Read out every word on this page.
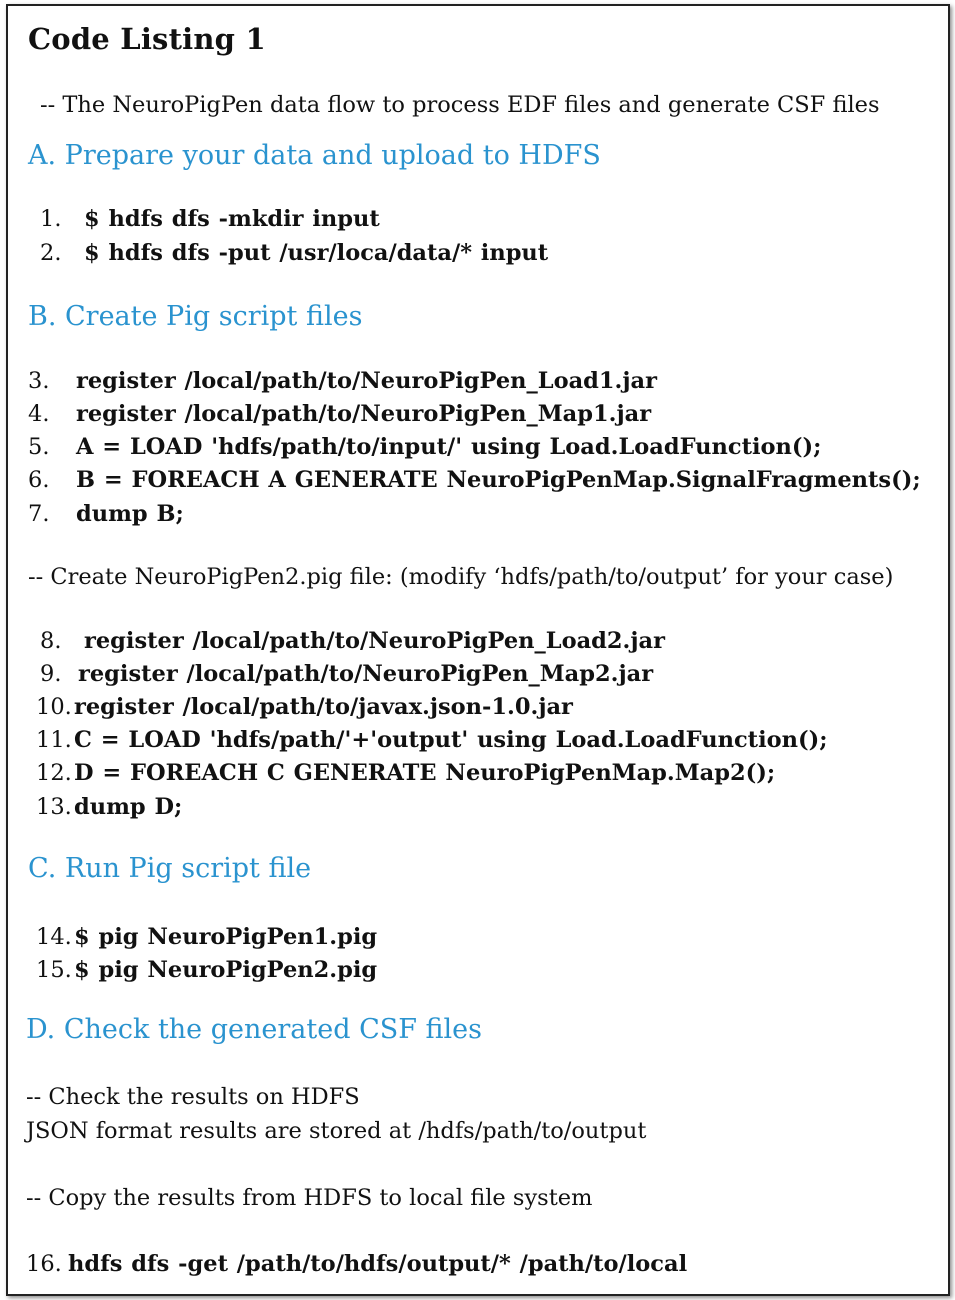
Code Listing 1
-- The NeuroPigPen data flow to process EDF files and generate CSF files
A. Prepare your data and upload to HDFS
1. $ hdfs dfs -mkdir input
2. $ hdfs dfs -put /usr/loca/data/* input
B. Create Pig script files
3. register /local/path/to/NeuroPigPen_Load1.jar
4. register /local/path/to/NeuroPigPen_Map1.jar
5. A = LOAD 'hdfs/path/to/input/' using Load.LoadFunction();
6. B = FOREACH A GENERATE NeuroPigPenMap.SignalFragments();
7. dump B;
-- Create NeuroPigPen2.pig file: (modify ‘hdfs/path/to/output’ for your case)
8. register /local/path/to/NeuroPigPen_Load2.jar
9. register /local/path/to/NeuroPigPen_Map2.jar
10.register /local/path/to/javax.json-1.0.jar
11.C = LOAD 'hdfs/path/'+'output' using Load.LoadFunction();
12.D = FOREACH C GENERATE NeuroPigPenMap.Map2();
13.dump D;
C. Run Pig script file
14.$ pig NeuroPigPen1.pig
15.$ pig NeuroPigPen2.pig
D. Check the generated CSF files
-- Check the results on HDFS
JSON format results are stored at /hdfs/path/to/output
-- Copy the results from HDFS to local file system
16. hdfs dfs -get /path/to/hdfs/output/* /path/to/local
